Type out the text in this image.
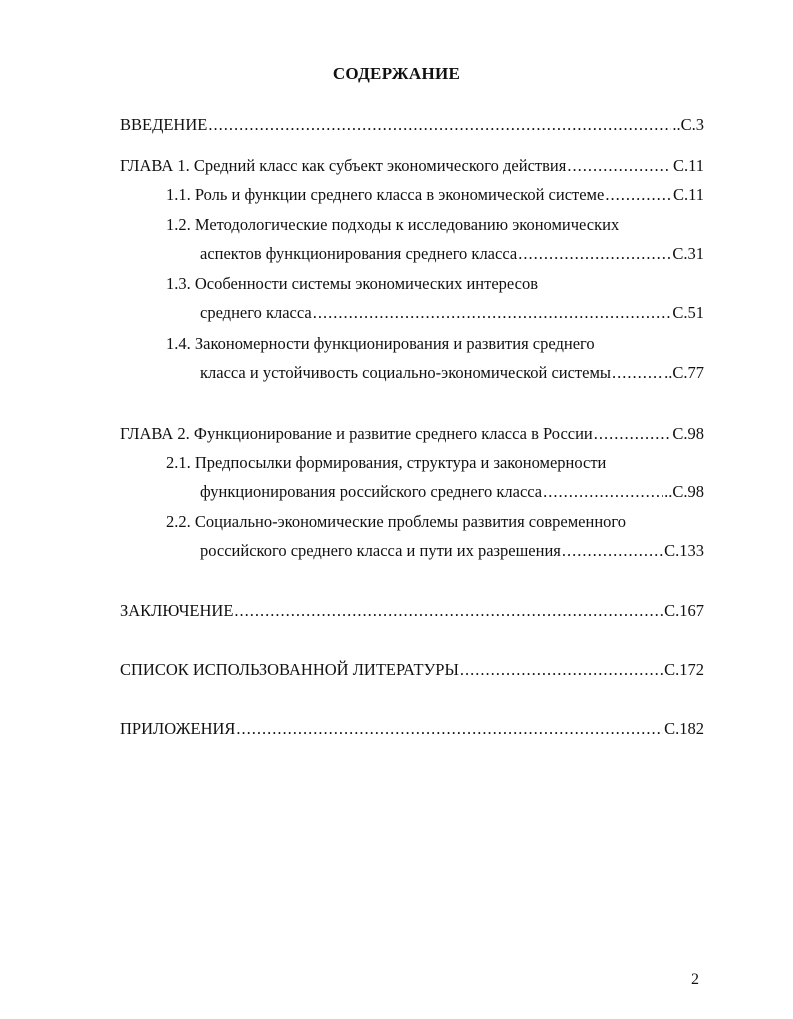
СОДЕРЖАНИЕ
ВВЕДЕНИЕ .....	..С.3
ГЛАВА 1. Средний класс как субъект экономического действия .....	. С.11
1.1. Роль и функции среднего класса в экономической системе .....	С.11
1.2. Методологические подходы к исследованию экономических
аспектов функционирования среднего класса .....	С.31
1.3. Особенности системы экономических интересов
среднего класса .....	С.51
1.4. Закономерности функционирования и развития среднего
класса и устойчивость социально-экономической системы .....	..С.77
ГЛАВА 2. Функционирование и развитие среднего класса в России .....	С.98
2.1. Предпосылки формирования, структура и закономерности
функционирования российского среднего класса .....	..С.98
2.2. Социально-экономические проблемы развития современного
российского среднего класса и пути их разрешения .....	С.133
ЗАКЛЮЧЕНИЕ .....	С.167
СПИСОК ИСПОЛЬЗОВАННОЙ ЛИТЕРАТУРЫ .....	С.172
ПРИЛОЖЕНИЯ .....	С.182
2
